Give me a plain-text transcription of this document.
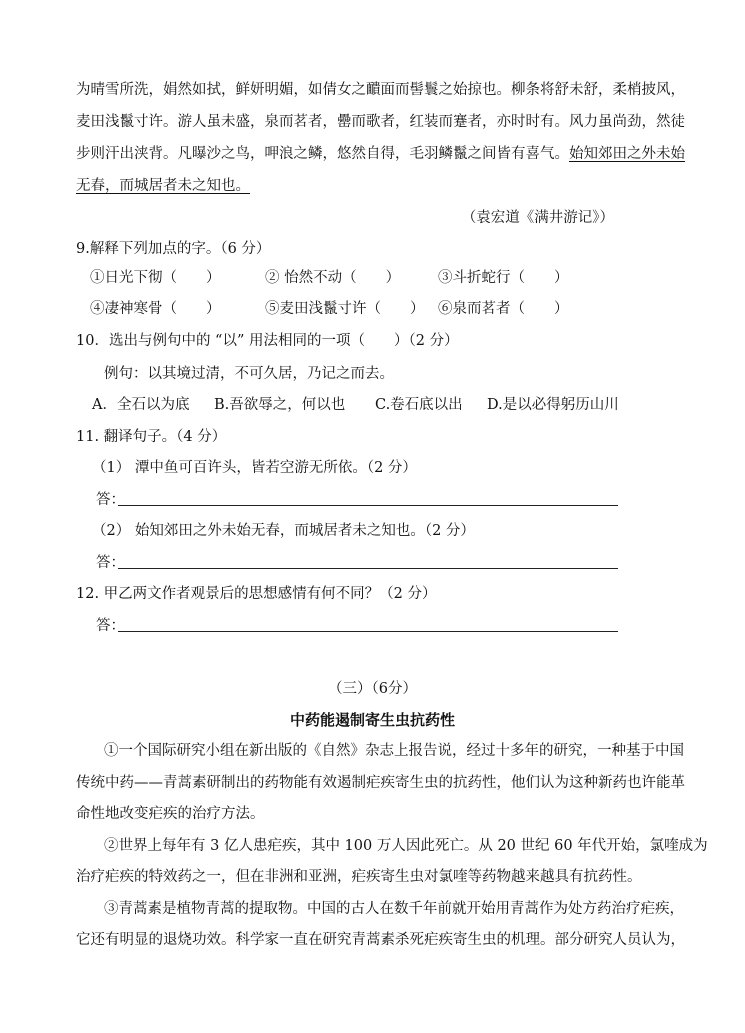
为晴雪所洗，娟然如拭，鲜妍明媚，如倩女之靧面而髻鬟之始掠也。柳条将舒未舒，柔梢披风，
麦田浅鬣寸许。游人虽未盛，泉而茗者，罍而歌者，红装而蹇者，亦时时有。风力虽尚劲，然徒
步则汗出浃背。凡曝沙之鸟，呷浪之鳞，悠然自得，毛羽鳞鬣之间皆有喜气。始知郊田之外未始
无春，而城居者未之知也。
（袁宏道《满井游记》）
9.解释下列加点的字。（6 分）
①日光下彻（　　）	② 怡然不动（　　）	③斗折蛇行（　　）
④凄神寒骨（　　）	⑤麦田浅鬣寸许（　　） ⑥泉而茗者（　　）
10．选出与例句中的 “以” 用法相同的一项（　　）（2 分）
例句：以其境过清，不可久居，乃记之而去。
A．全石以为底 B.吾欲辱之，何以也 C.卷石底以出 D.是以必得躬历山川
11. 翻译句子。（4 分）
（1） 潭中鱼可百许头，皆若空游无所依。（2 分）
答：
（2） 始知郊田之外未始无春，而城居者未之知也。（2 分）
答：
12. 甲乙两文作者观景后的思想感情有何不同？（2 分）
答：
（三）（6分）
中药能遏制寄生虫抗药性
①一个国际研究小组在新出版的《自然》杂志上报告说，经过十多年的研究，一种基于中国
传统中药——青蒿素研制出的药物能有效遏制疟疾寄生虫的抗药性，他们认为这种新药也许能革
命性地改变疟疾的治疗方法。
②世界上每年有 3 亿人患疟疾，其中 100 万人因此死亡。从 20 世纪 60 年代开始，氯喹成为
治疗疟疾的特效药之一，但在非洲和亚洲，疟疾寄生虫对氯喹等药物越来越具有抗药性。
③青蒿素是植物青蒿的提取物。中国的古人在数千年前就开始用青蒿作为处方药治疗疟疾，
它还有明显的退烧功效。科学家一直在研究青蒿素杀死疟疾寄生虫的机理。部分研究人员认为，
